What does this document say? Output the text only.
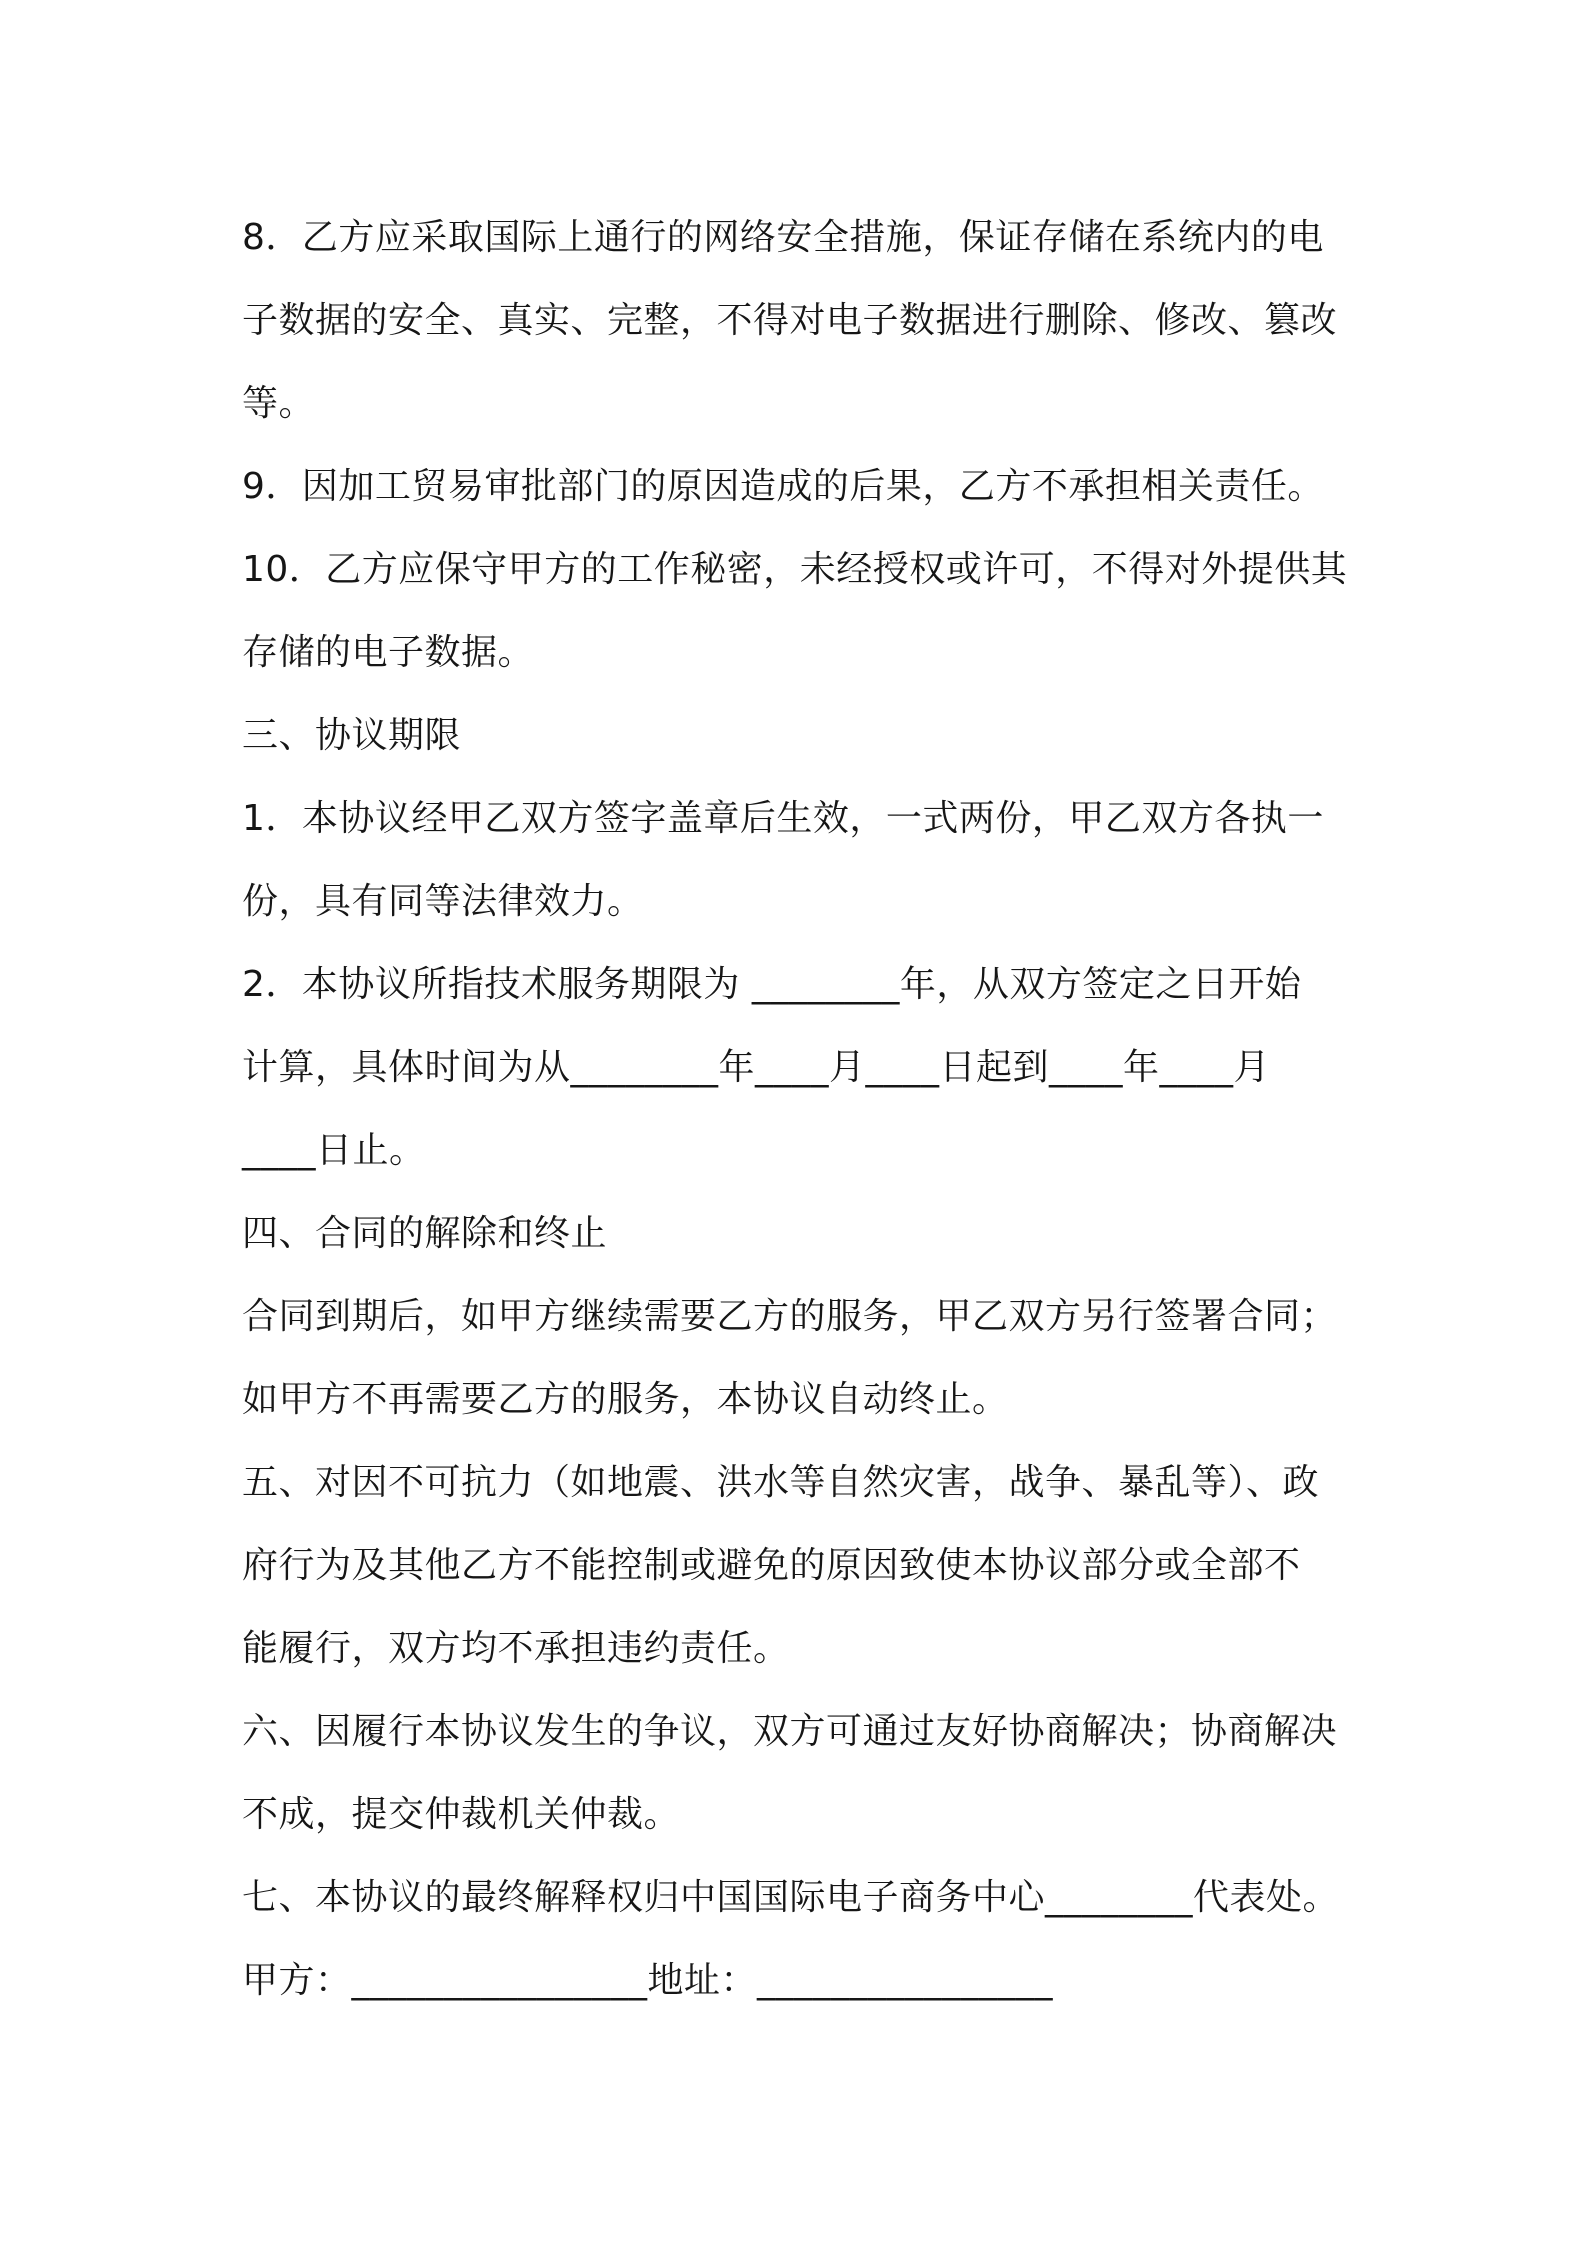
8．乙方应采取国际上通行的网络安全措施，保证存储在系统内的电

子数据的安全、真实、完整，不得对电子数据进行删除、修改、篡改

等。

9．因加工贸易审批部门的原因造成的后果，乙方不承担相关责任。

10．乙方应保守甲方的工作秘密，未经授权或许可，不得对外提供其

存储的电子数据。

三、协议期限

1．本协议经甲乙双方签字盖章后生效，一式两份，甲乙双方各执一

份，具有同等法律效力。

2．本协议所指技术服务期限为 ________年，从双方签定之日开始

计算，具体时间为从________年____月____日起到____年____月

____日止。

四、合同的解除和终止

合同到期后，如甲方继续需要乙方的服务，甲乙双方另行签署合同；

如甲方不再需要乙方的服务，本协议自动终止。

五、对因不可抗力（如地震、洪水等自然灾害，战争、暴乱等）、政

府行为及其他乙方不能控制或避免的原因致使本协议部分或全部不

能履行，双方均不承担违约责任。

六、因履行本协议发生的争议，双方可通过友好协商解决；协商解决

不成，提交仲裁机关仲裁。

七、本协议的最终解释权归中国国际电子商务中心________代表处。

甲方：________________地址：________________
